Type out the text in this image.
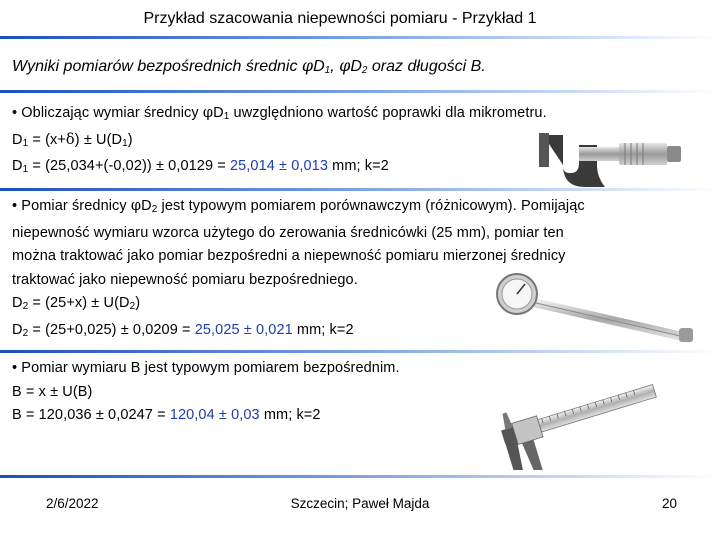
Przykład szacowania niepewności pomiaru - Przykład 1
Wyniki pomiarów bezpośrednich średnic $\varphi D_1$, $\varphi D_2$ oraz długości B.
• Obliczając wymiar średnicy $\varphi D_1$ uwzględniono wartość poprawki dla mikrometru.
$D_1 = (x+\delta) \pm U(D_1)$
$D_1 = (25,034+(-0,02)) \pm 0,0129 = 25,014 \pm 0,013$ mm; k=2
• Pomiar średnicy $\varphi D_2$ jest typowym pomiarem porównawczym (różnicowym). Pomijając
niepewność wymiaru wzorca użytego do zerowania średnicówki (25 mm), pomiar ten
można traktować jako pomiar bezpośredni a niepewność pomiaru mierzonej średnicy
traktować jako niepewność pomiaru bezpośredniego.
$D_2 = (25+x) \pm U(D_2)$
$D_2 = (25+0,025) \pm 0,0209 = 25,025 \pm 0,021$ mm; k=2
• Pomiar wymiaru B jest typowym pomiarem bezpośrednim.
B = x ± U(B)
B = 120,036 ± 0,0247 = 120,04 ± 0,03 mm; k=2
2/6/2022	Szczecin; Paweł Majda	20
